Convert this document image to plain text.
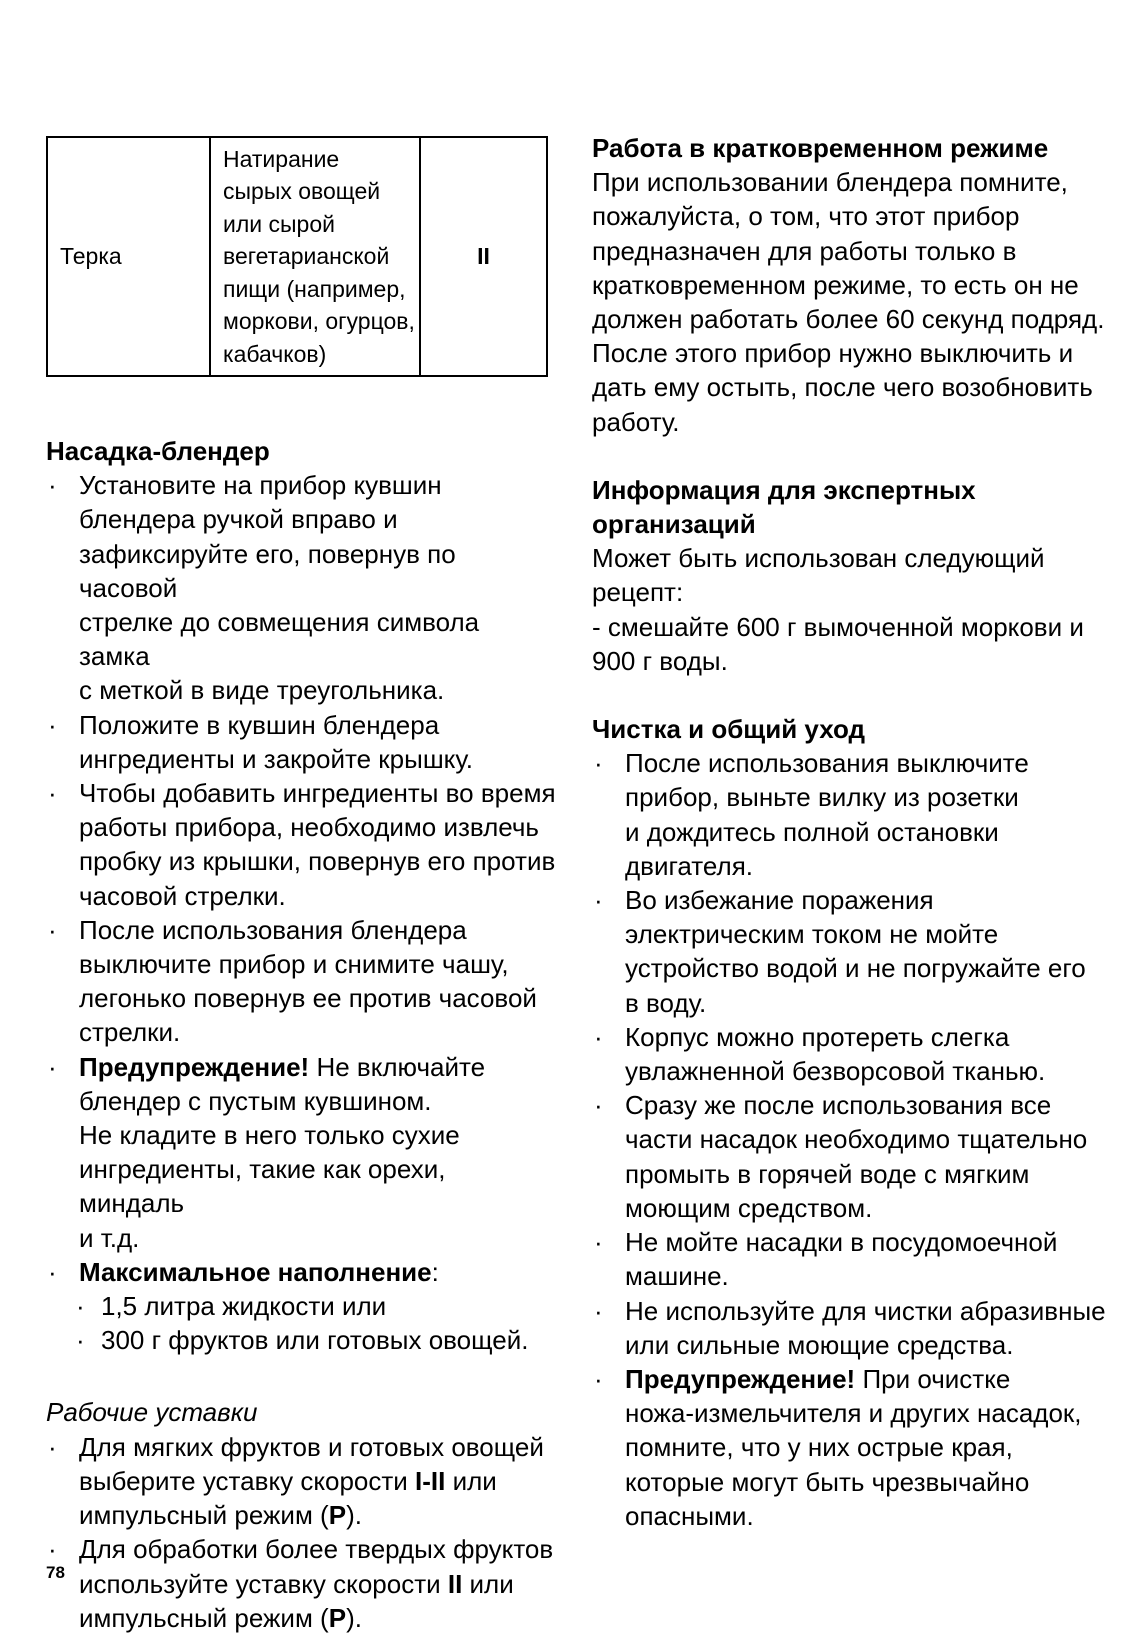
Терка
Натирание
сырых овощей
или сырой
вегетарианской
пищи (например,
моркови, огурцов,
кабачков)
II
Насадка-блендер
· Установите на прибор кувшин
блендера ручкой вправо и
зафиксируйте его, повернув по часовой
стрелке до совмещения символа замка
с меткой в виде треугольника.
· Положите в кувшин блендера
ингредиенты и закройте крышку.
· Чтобы добавить ингредиенты во время
работы прибора, необходимо извлечь
пробку из крышки, повернув его против
часовой стрелки.
· После использования блендера
выключите прибор и снимите чашу,
легонько повернув ее против часовой
стрелки.
· Предупреждение! Не включайте
блендер с пустым кувшином.
Не кладите в него только сухие
ингредиенты, такие как орехи, миндаль
и т.д.
· Максимальное наполнение:
· 1,5 литра жидкости или
· 300 г фруктов или готовых овощей.
Рабочие уставки
· Для мягких фруктов и готовых овощей
выберите уставку скорости I-II или
импульсный режим (P).
· Для обработки более твердых фруктов
используйте уставку скорости II или
импульсный режим (P).
Работа в кратковременном режиме
При использовании блендера помните,
пожалуйста, о том, что этот прибор
предназначен для работы только в
кратковременном режиме, то есть он не
должен работать более 60 секунд подряд.
После этого прибор нужно выключить и
дать ему остыть, после чего возобновить
работу.
Информация для экспертных
организаций
Может быть использован следующий
рецепт:
- смешайте 600 г вымоченной моркови и
900 г воды.
Чистка и общий уход
· После использования выключите
прибор, выньте вилку из розетки
и дождитесь полной остановки
двигателя.
· Во избежание поражения
электрическим током не мойте
устройство водой и не погружайте его
в воду.
· Корпус можно протереть слегка
увлажненной безворсовой тканью.
· Сразу же после использования все
части насадок необходимо тщательно
промыть в горячей воде с мягким
моющим средством.
· Не мойте насадки в посудомоечной
машине.
· Не используйте для чистки абразивные
или сильные моющие средства.
· Предупреждение! При очистке
ножа-измельчителя и других насадок,
помните, что у них острые края,
которые могут быть чрезвычайно
опасными.
78
